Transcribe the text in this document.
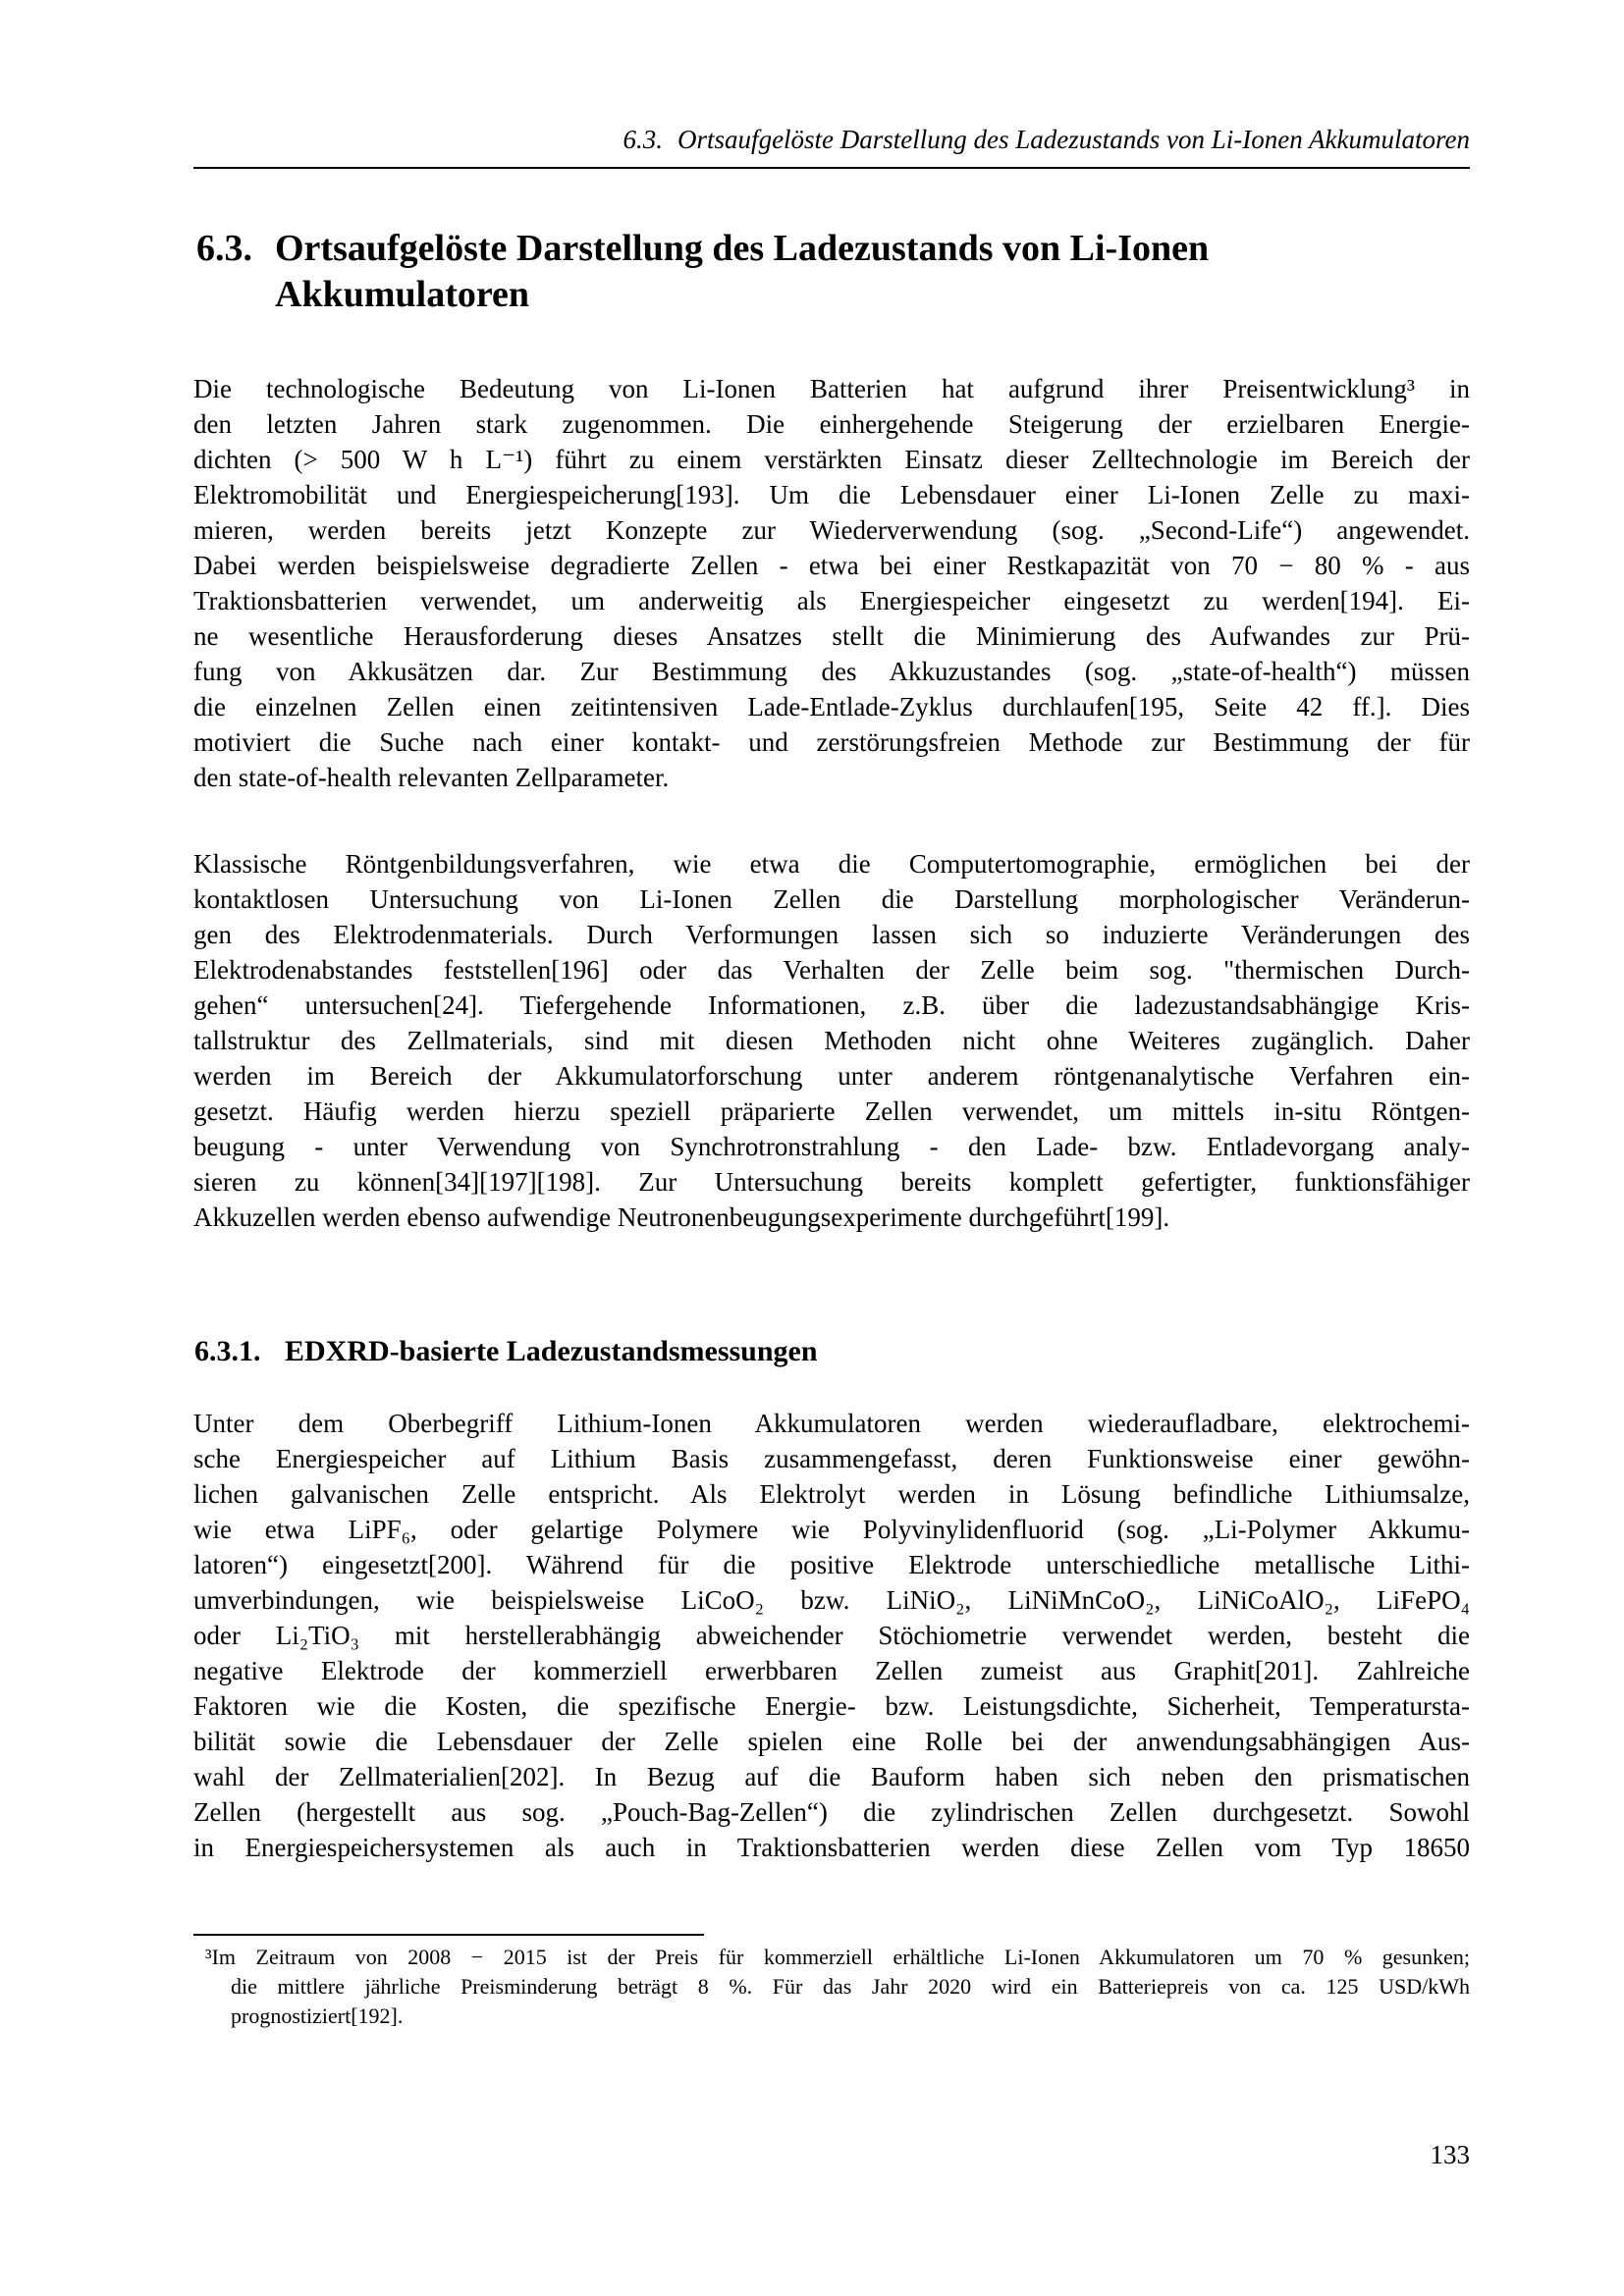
6.3. Ortsaufgelöste Darstellung des Ladezustands von Li-Ionen Akkumulatoren
6.3. Ortsaufgelöste Darstellung des Ladezustands von Li-Ionen
Akkumulatoren
Die technologische Bedeutung von Li-Ionen Batterien hat aufgrund ihrer Preisentwicklung³ in
den letzten Jahren stark zugenommen. Die einhergehende Steigerung der erzielbaren Energie-
dichten (> 500 W h L⁻¹) führt zu einem verstärkten Einsatz dieser Zelltechnologie im Bereich der
Elektromobilität und Energiespeicherung[193]. Um die Lebensdauer einer Li-Ionen Zelle zu maxi-
mieren, werden bereits jetzt Konzepte zur Wiederverwendung (sog. „Second-Life“) angewendet.
Dabei werden beispielsweise degradierte Zellen - etwa bei einer Restkapazität von 70 − 80 % - aus
Traktionsbatterien verwendet, um anderweitig als Energiespeicher eingesetzt zu werden[194]. Ei-
ne wesentliche Herausforderung dieses Ansatzes stellt die Minimierung des Aufwandes zur Prü-
fung von Akkusätzen dar. Zur Bestimmung des Akkuzustandes (sog. „state-of-health“) müssen
die einzelnen Zellen einen zeitintensiven Lade-Entlade-Zyklus durchlaufen[195, Seite 42 ff.]. Dies
motiviert die Suche nach einer kontakt- und zerstörungsfreien Methode zur Bestimmung der für
den state-of-health relevanten Zellparameter.
Klassische Röntgenbildungsverfahren, wie etwa die Computertomographie, ermöglichen bei der
kontaktlosen Untersuchung von Li-Ionen Zellen die Darstellung morphologischer Veränderun-
gen des Elektrodenmaterials. Durch Verformungen lassen sich so induzierte Veränderungen des
Elektrodenabstandes feststellen[196] oder das Verhalten der Zelle beim sog. "thermischen Durch-
gehen“ untersuchen[24]. Tiefergehende Informationen, z.B. über die ladezustandsabhängige Kris-
tallstruktur des Zellmaterials, sind mit diesen Methoden nicht ohne Weiteres zugänglich. Daher
werden im Bereich der Akkumulatorforschung unter anderem röntgenanalytische Verfahren ein-
gesetzt. Häufig werden hierzu speziell präparierte Zellen verwendet, um mittels in-situ Röntgen-
beugung - unter Verwendung von Synchrotronstrahlung - den Lade- bzw. Entladevorgang analy-
sieren zu können[34][197][198]. Zur Untersuchung bereits komplett gefertigter, funktionsfähiger
Akkuzellen werden ebenso aufwendige Neutronenbeugungsexperimente durchgeführt[199].
6.3.1. EDXRD-basierte Ladezustandsmessungen
Unter dem Oberbegriff Lithium-Ionen Akkumulatoren werden wiederaufladbare, elektrochemi-
sche Energiespeicher auf Lithium Basis zusammengefasst, deren Funktionsweise einer gewöhn-
lichen galvanischen Zelle entspricht. Als Elektrolyt werden in Lösung befindliche Lithiumsalze,
wie etwa LiPF₆, oder gelartige Polymere wie Polyvinylidenfluorid (sog. „Li-Polymer Akkumu-
latoren“) eingesetzt[200]. Während für die positive Elektrode unterschiedliche metallische Lithi-
umverbindungen, wie beispielsweise LiCoO₂ bzw. LiNiO₂, LiNiMnCoO₂, LiNiCoAlO₂, LiFePO₄
oder Li₂TiO₃ mit herstellerabhängig abweichender Stöchiometrie verwendet werden, besteht die
negative Elektrode der kommerziell erwerbbaren Zellen zumeist aus Graphit[201]. Zahlreiche
Faktoren wie die Kosten, die spezifische Energie- bzw. Leistungsdichte, Sicherheit, Temperatursta-
bilität sowie die Lebensdauer der Zelle spielen eine Rolle bei der anwendungsabhängigen Aus-
wahl der Zellmaterialien[202]. In Bezug auf die Bauform haben sich neben den prismatischen
Zellen (hergestellt aus sog. „Pouch-Bag-Zellen“) die zylindrischen Zellen durchgesetzt. Sowohl
in Energiespeichersystemen als auch in Traktionsbatterien werden diese Zellen vom Typ 18650
³Im Zeitraum von 2008 − 2015 ist der Preis für kommerziell erhältliche Li-Ionen Akkumulatoren um 70 % gesunken;
die mittlere jährliche Preisminderung beträgt 8 %. Für das Jahr 2020 wird ein Batteriepreis von ca. 125 USD/kWh
prognostiziert[192].
133
